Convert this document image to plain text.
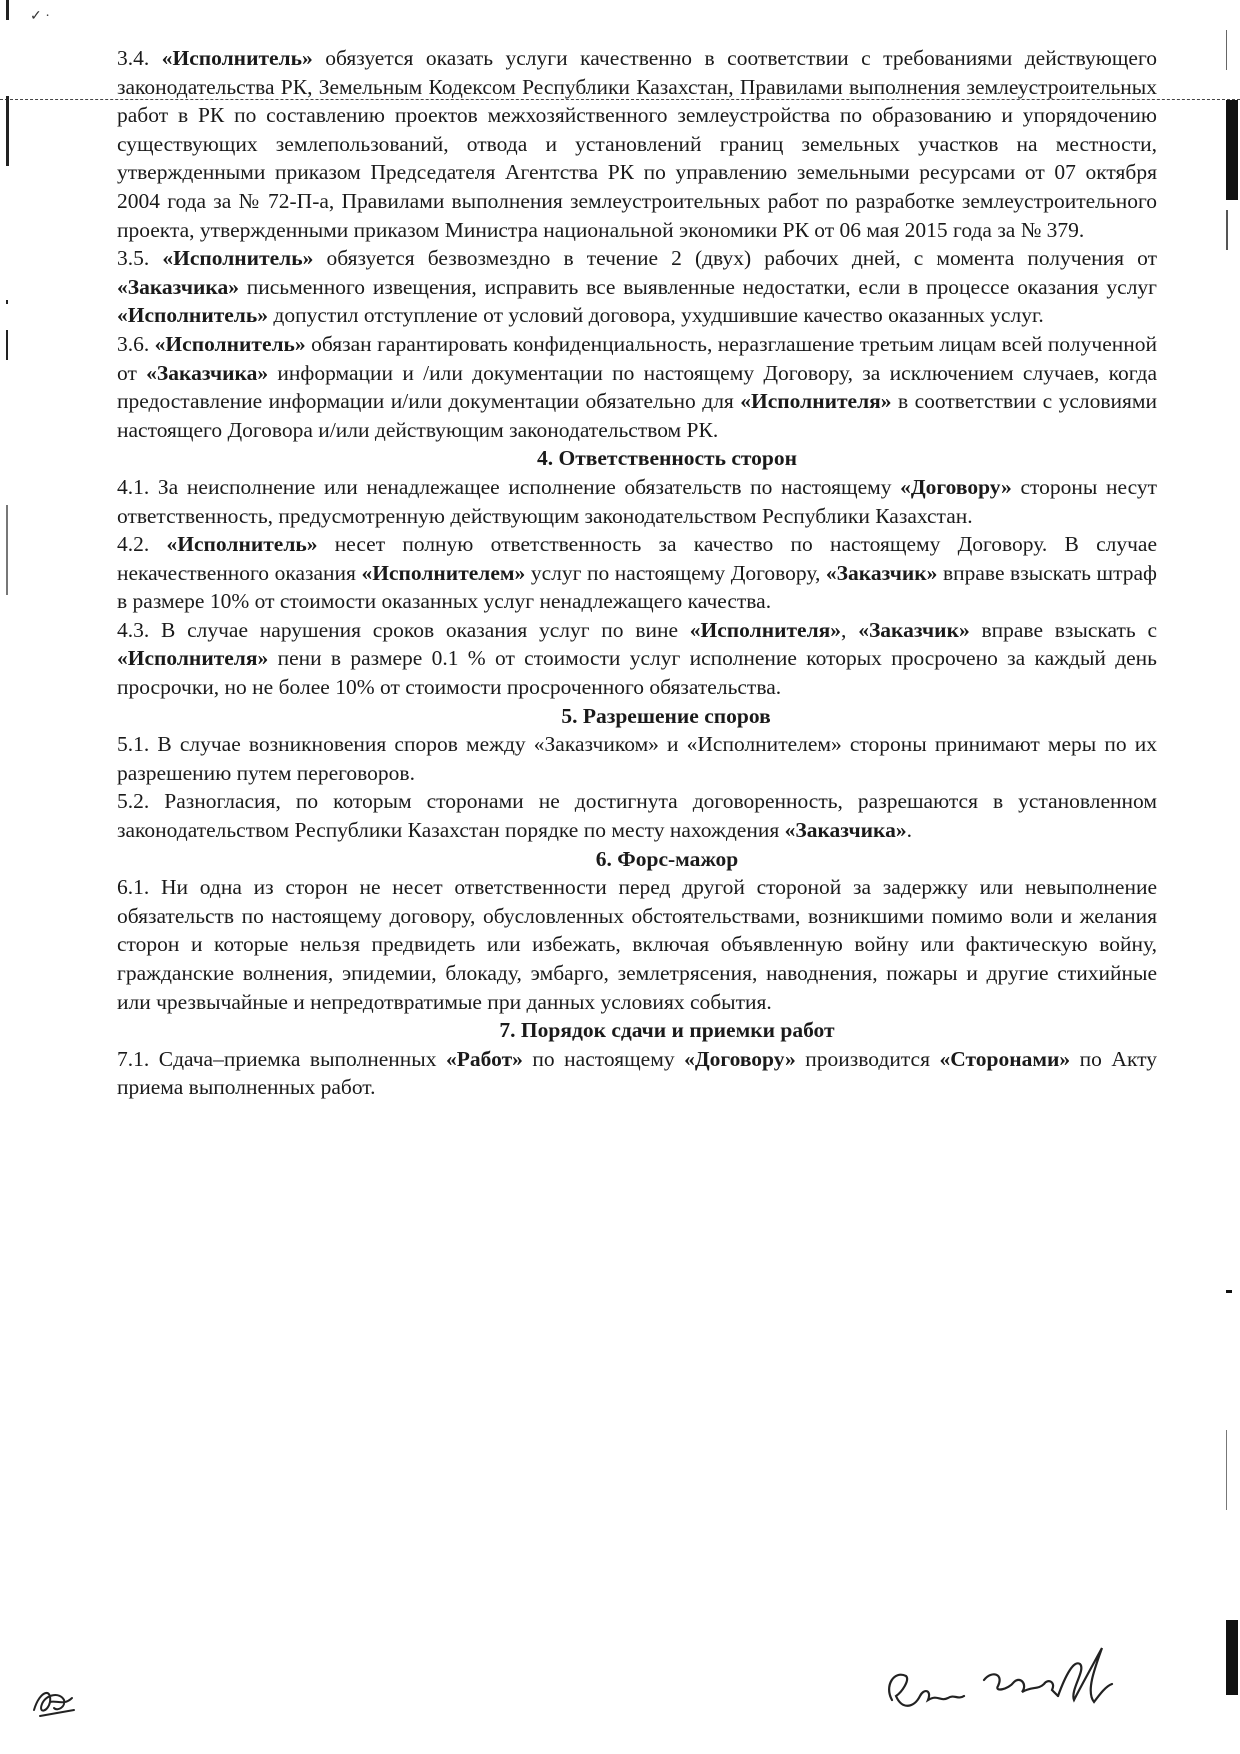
✓ ·

3.4. «Исполнитель» обязуется оказать услуги качественно в соответствии с требованиями действующего законодательства РК, Земельным Кодексом Республики Казахстан, Правилами выполнения землеустроительных работ в РК по составлению проектов межхозяйственного землеустройства по образованию и упорядочению существующих землепользований, отвода и установлений границ земельных участков на местности, утвержденными приказом Председателя Агентства РК по управлению земельными ресурсами от 07 октября 2004 года за № 72-П-а, Правилами выполнения землеустроительных работ по разработке землеустроительного проекта, утвержденными приказом Министра национальной экономики РК от 06 мая 2015 года за № 379.

3.5. «Исполнитель» обязуется безвозмездно в течение 2 (двух) рабочих дней, с момента получения от «Заказчика» письменного извещения, исправить все выявленные недостатки, если в процессе оказания услуг «Исполнитель» допустил отступление от условий договора, ухудшившие качество оказанных услуг.

3.6. «Исполнитель» обязан гарантировать конфиденциальность, неразглашение третьим лицам всей полученной от «Заказчика» информации и /или документации по настоящему Договору, за исключением случаев, когда предоставление информации и/или документации обязательно для «Исполнителя» в соответствии с условиями настоящего Договора и/или действующим законодательством РК.

4. Ответственность сторон

4.1. За неисполнение или ненадлежащее исполнение обязательств по настоящему «Договору» стороны несут ответственность, предусмотренную действующим законодательством Республики Казахстан.

4.2. «Исполнитель» несет полную ответственность за качество по настоящему Договору. В случае некачественного оказания «Исполнителем» услуг по настоящему Договору, «Заказчик» вправе взыскать штраф в размере 10% от стоимости оказанных услуг ненадлежащего качества.

4.3. В случае нарушения сроков оказания услуг по вине «Исполнителя», «Заказчик» вправе взыскать с «Исполнителя» пени в размере 0.1 % от стоимости услуг исполнение которых просрочено за каждый день просрочки, но не более 10% от стоимости просроченного обязательства.

5. Разрешение споров

5.1. В случае возникновения споров между «Заказчиком» и «Исполнителем» стороны принимают меры по их разрешению путем переговоров.

5.2. Разногласия, по которым сторонами не достигнута договоренность, разрешаются в установленном законодательством Республики Казахстан порядке по месту нахождения «Заказчика».

6. Форс-мажор

6.1. Ни одна из сторон не несет ответственности перед другой стороной за задержку или невыполнение обязательств по настоящему договору, обусловленных обстоятельствами, возникшими помимо воли и желания сторон и которые нельзя предвидеть или избежать, включая объявленную войну или фактическую войну, гражданские волнения, эпидемии, блокаду, эмбарго, землетрясения, наводнения, пожары и другие стихийные или чрезвычайные и непредотвратимые при данных условиях события.

7. Порядок сдачи и приемки работ

7.1. Сдача–приемка выполненных «Работ» по настоящему «Договору» производится «Сторонами» по Акту приема выполненных работ.
